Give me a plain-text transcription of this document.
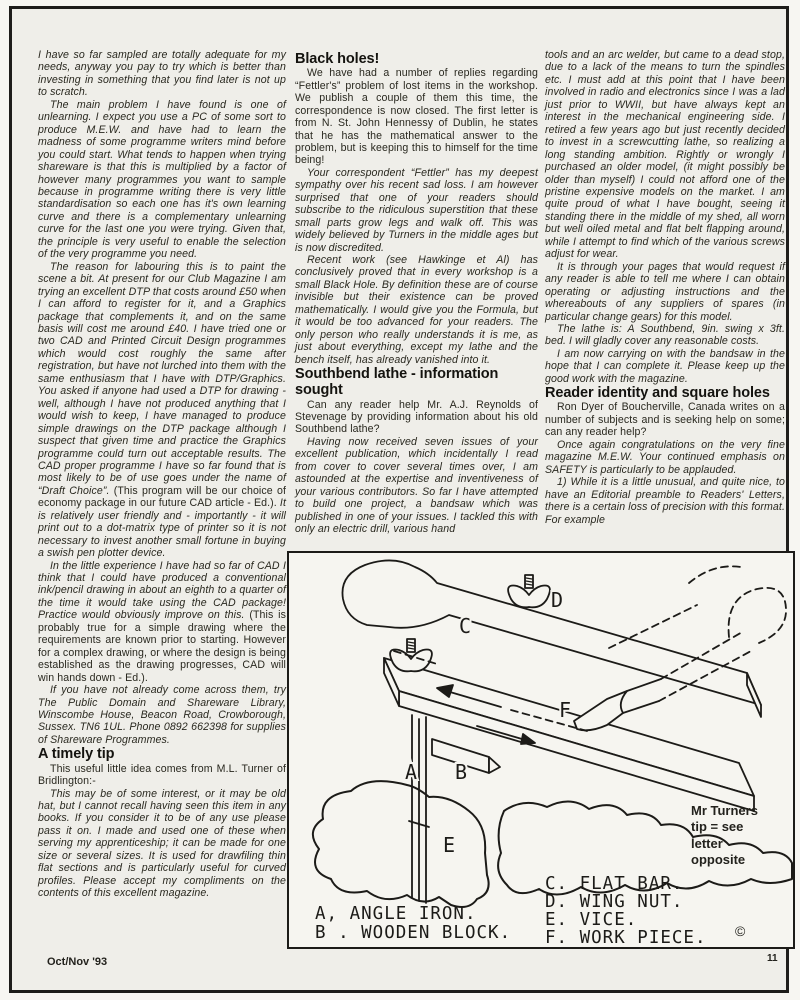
I have so far sampled are totally adequate for my needs, anyway you pay to try which is better than investing in something that you find later is not up to scratch.

The main problem I have found is one of unlearning. I expect you use a PC of some sort to produce M.E.W. and have had to learn the madness of some programme writers mind before you could start. What tends to happen when trying shareware is that this is multiplied by a factor of however many programmes you want to sample because in programme writing there is very little standardisation so each one has it's own learning curve and there is a complementary unlearning curve for the last one you were trying. Given that, the principle is very useful to enable the selection of the very programme you need.

The reason for labouring this is to paint the scene a bit. At present for our Club Magazine I am trying an excellent DTP that costs around £50 when I can afford to register for it, and a Graphics package that complements it, and on the same basis will cost me around £40. I have tried one or two CAD and Printed Circuit Design programmes which would cost roughly the same after registration, but have not lurched into them with the same enthusiasm that I have with DTP/Graphics. You asked if anyone had used a DTP for drawing - well, although I have not produced anything that I would wish to keep, I have managed to produce simple drawings on the DTP package although I suspect that given time and practice the Graphics programme could turn out acceptable results. The CAD proper programme I have so far found that is most likely to be of use goes under the name of “Draft Choice”. (This program will be our choice of economy package in our future CAD article - Ed.). It is relatively user friendly and - importantly - it will print out to a dot-matrix type of printer so it is not necessary to invest another small fortune in buying a swish pen plotter device.

In the little experience I have had so far of CAD I think that I could have produced a conventional ink/pencil drawing in about an eighth to a quarter of the time it would take using the CAD package! Practice would obviously improve on this. (This is probably true for a simple drawing where the requirements are known prior to starting. However for a complex drawing, or where the design is being established as the drawing progresses, CAD will win hands down - Ed.).

If you have not already come across them, try The Public Domain and Shareware Library, Winscombe House, Beacon Road, Crowborough, Sussex. TN6 1UL. Phone 0892 662398 for supplies of Shareware Programmes.

A timely tip

This useful little idea comes from M.L. Turner of Bridlington:-

This may be of some interest, or it may be old hat, but I cannot recall having seen this item in any books. If you consider it to be of any use please pass it on. I made and used one of these when serving my apprenticeship; it can be made for one size or several sizes. It is used for drawfiling thin flat sections and is particularly useful for curved profiles. Please accept my compliments on the contents of this excellent magazine.

Black holes!

We have had a number of replies regarding “Fettler's” problem of lost items in the workshop. We publish a couple of them this time, the correspondence is now closed. The first letter is from N. St. John Hennessy of Dublin, he states that he has the mathematical answer to the problem, but is keeping this to himself for the time being!

Your correspondent “Fettler” has my deepest sympathy over his recent sad loss. I am however surprised that one of your readers should subscribe to the ridiculous superstition that these small parts grow legs and walk off. This was widely believed by Turners in the middle ages but is now discredited.

Recent work (see Hawkinge et Al) has conclusively proved that in every workshop is a small Black Hole. By definition these are of course invisible but their existence can be proved mathematically. I would give you the Formula, but it would be too advanced for your readers. The only person who really understands it is me, as just about everything, except my lathe and the bench itself, has already vanished into it.

Southbend lathe - information sought

Can any reader help Mr. A.J. Reynolds of Stevenage by providing information about his old Southbend lathe?

Having now received seven issues of your excellent publication, which incidentally I read from cover to cover several times over, I am astounded at the expertise and inventiveness of your various contributors. So far I have attempted to build one project, a bandsaw which was published in one of your issues. I tackled this with only an electric drill, various hand

tools and an arc welder, but came to a dead stop, due to a lack of the means to turn the spindles etc. I must add at this point that I have been involved in radio and electronics since I was a lad just prior to WWII, but have always kept an interest in the mechanical engineering side. I retired a few years ago but just recently decided to invest in a screwcutting lathe, so realizing a long standing ambition. Rightly or wrongly I purchased an older model, (it might possibly be older than myself) I could not afford one of the pristine expensive models on the market. I am quite proud of what I have bought, seeing it standing there in the middle of my shed, all worn but well oiled metal and flat belt flapping around, while I attempt to find which of the various screws adjust for wear.

It is through your pages that would request if any reader is able to tell me where I can obtain operating or adjusting instructions and the whereabouts of any suppliers of spares (in particular change gears) for this model.

The lathe is: A Southbend, 9in. swing x 3ft. bed. I will gladly cover any reasonable costs.

I am now carrying on with the bandsaw in the hope that I can complete it. Please keep up the good work with the magazine.

Reader identity and square holes

Ron Dyer of Boucherville, Canada writes on a number of subjects and is seeking help on some; can any reader help?

Once again congratulations on the very fine magazine M.E.W. Your continued emphasis on SAFETY is particularly to be applauded.

1) While it is a little unusual, and quite nice, to have an Editorial preamble to Readers' Letters, there is a certain loss of precision with this format. For example

C
D
F
A B
E
A, ANGLE IRON.
B . WOODEN BLOCK.
C. FLAT BAR.
D. WING NUT.
E. VICE.
F. WORK PIECE.
Mr Turners
tip = see
letter
opposite
©
Oct/Nov '93	11
